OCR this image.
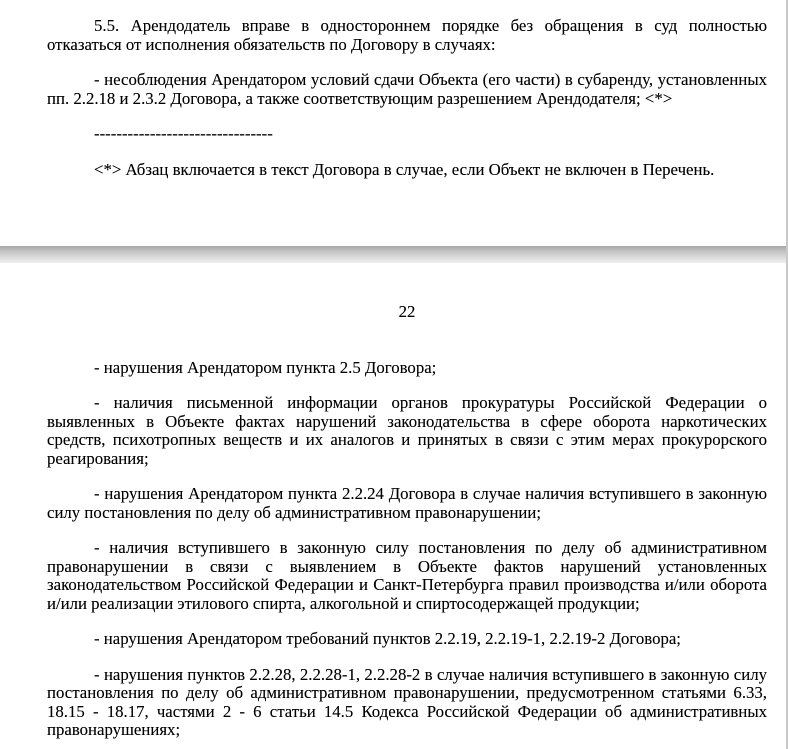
5.5. Арендодатель вправе в одностороннем порядке без обращения в суд полностью
отказаться от исполнения обязательств по Договору в случаях:
- несоблюдения Арендатором условий сдачи Объекта (его части) в субаренду, установленных
пп. 2.2.18 и 2.3.2 Договора, а также соответствующим разрешением Арендодателя; <*>
--------------------------------
<*> Абзац включается в текст Договора в случае, если Объект не включен в Перечень.
22
- нарушения Арендатором пункта 2.5 Договора;
- наличия письменной информации органов прокуратуры Российской Федерации о
выявленных в Объекте фактах нарушений законодательства в сфере оборота наркотических
средств, психотропных веществ и их аналогов и принятых в связи с этим мерах прокурорского
реагирования;
- нарушения Арендатором пункта 2.2.24 Договора в случае наличия вступившего в законную
силу постановления по делу об административном правонарушении;
- наличия вступившего в законную силу постановления по делу об административном
правонарушении в связи с выявлением в Объекте фактов нарушений установленных
законодательством Российской Федерации и Санкт-Петербурга правил производства и/или оборота
и/или реализации этилового спирта, алкогольной и спиртосодержащей продукции;
- нарушения Арендатором требований пунктов 2.2.19, 2.2.19-1, 2.2.19-2 Договора;
- нарушения пунктов 2.2.28, 2.2.28-1, 2.2.28-2 в случае наличия вступившего в законную силу
постановления по делу об административном правонарушении, предусмотренном статьями 6.33,
18.15 - 18.17, частями 2 - 6 статьи 14.5 Кодекса Российской Федерации об административных
правонарушениях;
